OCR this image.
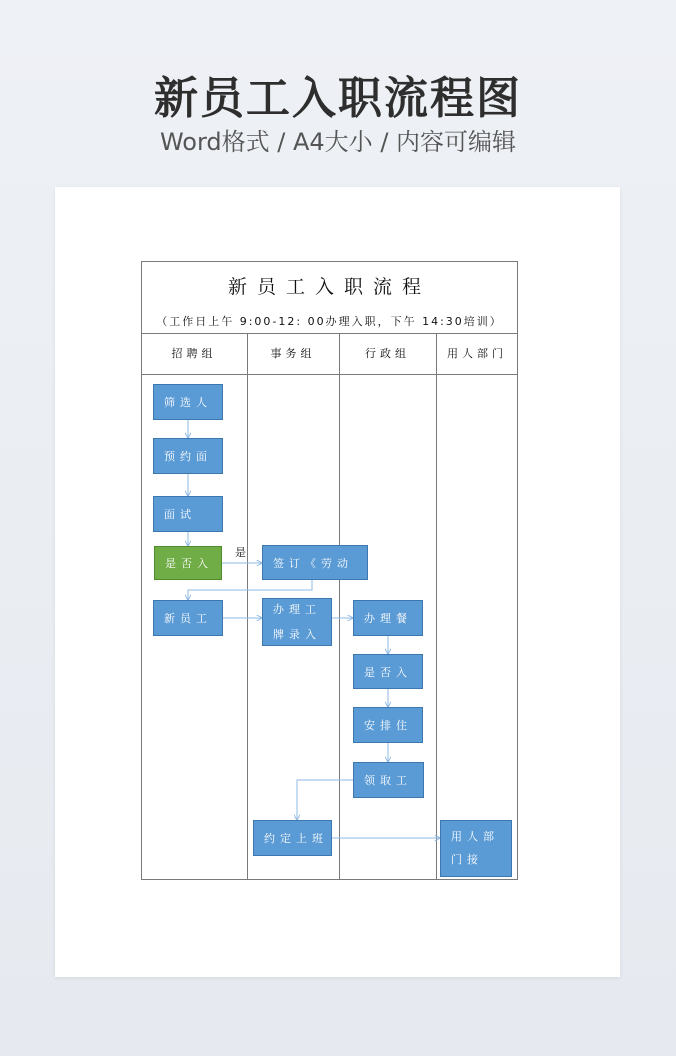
新员工入职流程图
Word格式 / A4大小 / 内容可编辑
新员工入职流程
（工作日上午 9:00-12: 00办理入职，下午 14:30培训）
招聘组	事务组	行政组	用人部门
筛选人
预约面
面试
是否入
是
签订《劳动
新员工
办理工
牌录入
办理餐
是否入
安排住
领取工
约定上班	用人部
门接
